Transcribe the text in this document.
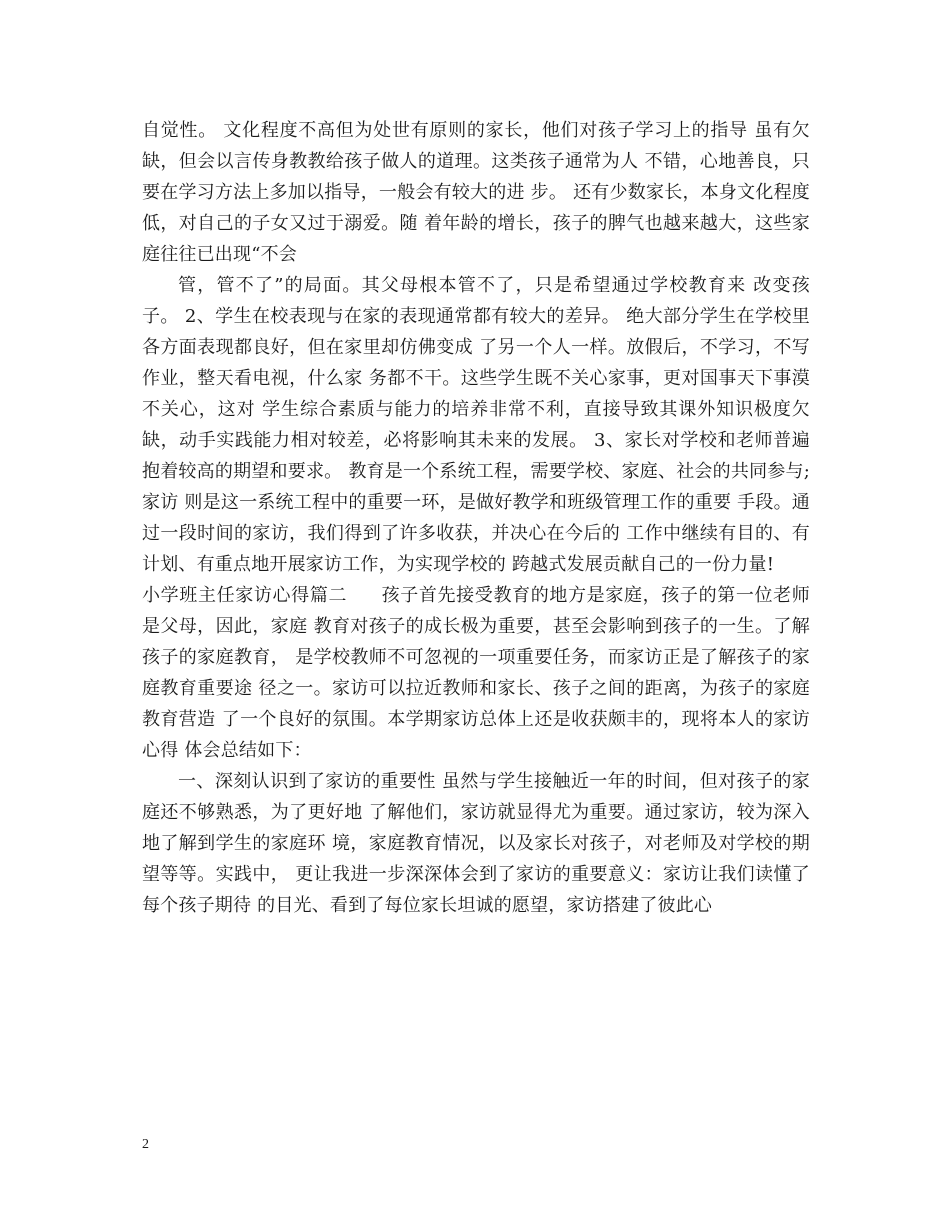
自觉性。 文化程度不高但为处世有原则的家长，他们对孩子学习上的指导 虽有欠缺，但会以言传身教教给孩子做人的道理。这类孩子通常为人 不错，心地善良，只要在学习方法上多加以指导，一般会有较大的进 步。 还有少数家长，本身文化程度低，对自己的子女又过于溺爱。随 着年龄的增长，孩子的脾气也越来越大，这些家庭往往已出现“不会

管，管不了”的局面。其父母根本管不了，只是希望通过学校教育来 改变孩子。 2、学生在校表现与在家的表现通常都有较大的差异。 绝大部分学生在学校里各方面表现都良好，但在家里却仿佛变成 了另一个人一样。放假后，不学习，不写作业，整天看电视，什么家 务都不干。这些学生既不关心家事，更对国事天下事漠不关心，这对 学生综合素质与能力的培养非常不利，直接导致其课外知识极度欠 缺，动手实践能力相对较差，必将影响其未来的发展。 3、家长对学校和老师普遍抱着较高的期望和要求。 教育是一个系统工程，需要学校、家庭、社会的共同参与;家访 则是这一系统工程中的重要一环，是做好教学和班级管理工作的重要 手段。通过一段时间的家访，我们得到了许多收获，并决心在今后的 工作中继续有目的、有计划、有重点地开展家访工作，为实现学校的 跨越式发展贡献自己的一份力量!

小学班主任家访心得篇二 孩子首先接受教育的地方是家庭，孩子的第一位老师是父母，因此，家庭 教育对孩子的成长极为重要，甚至会影响到孩子的一生。了解孩子的家庭教育， 是学校教师不可忽视的一项重要任务，而家访正是了解孩子的家庭教育重要途 径之一。家访可以拉近教师和家长、孩子之间的距离，为孩子的家庭教育营造 了一个良好的氛围。本学期家访总体上还是收获颇丰的，现将本人的家访心得 体会总结如下：

一、深刻认识到了家访的重要性 虽然与学生接触近一年的时间，但对孩子的家庭还不够熟悉，为了更好地 了解他们，家访就显得尤为重要。通过家访，较为深入地了解到学生的家庭环 境，家庭教育情况，以及家长对孩子，对老师及对学校的期望等等。实践中， 更让我进一步深深体会到了家访的重要意义：家访让我们读懂了每个孩子期待 的目光、看到了每位家长坦诚的愿望，家访搭建了彼此心

2
